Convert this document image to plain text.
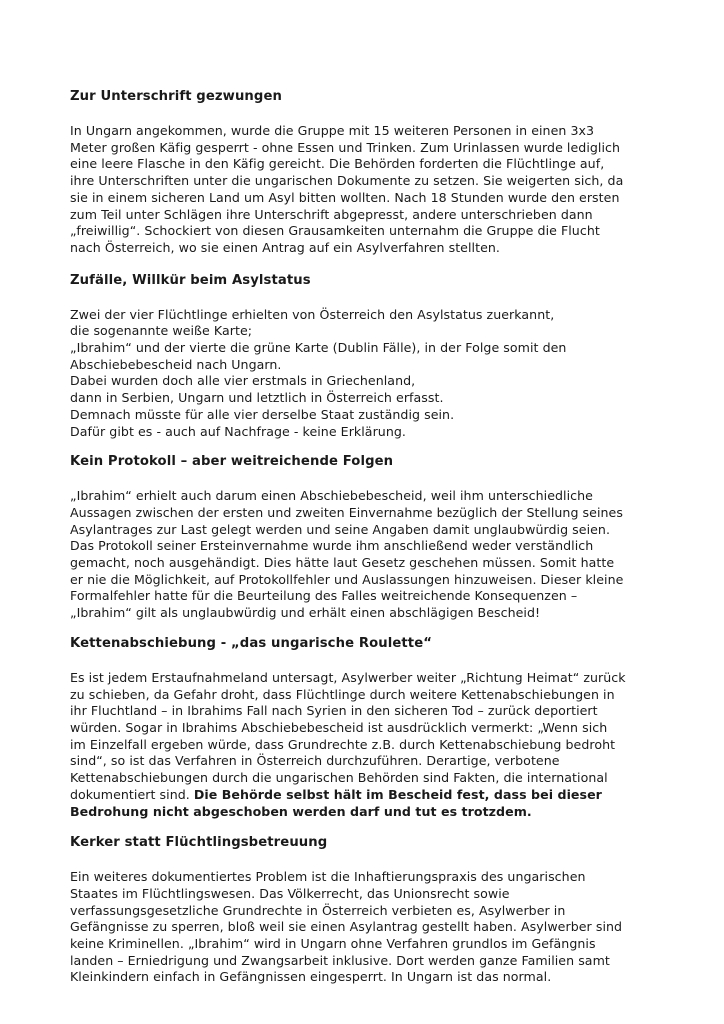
Zur Unterschrift gezwungen

In Ungarn angekommen, wurde die Gruppe mit 15 weiteren Personen in einen 3x3
Meter großen Käfig gesperrt - ohne Essen und Trinken. Zum Urinlassen wurde lediglich
eine leere Flasche in den Käfig gereicht. Die Behörden forderten die Flüchtlinge auf,
ihre Unterschriften unter die ungarischen Dokumente zu setzen. Sie weigerten sich, da
sie in einem sicheren Land um Asyl bitten wollten. Nach 18 Stunden wurde den ersten
zum Teil unter Schlägen ihre Unterschrift abgepresst, andere unterschrieben dann
„freiwillig“. Schockiert von diesen Grausamkeiten unternahm die Gruppe die Flucht
nach Österreich, wo sie einen Antrag auf ein Asylverfahren stellten.

Zufälle, Willkür beim Asylstatus

Zwei der vier Flüchtlinge erhielten von Österreich den Asylstatus zuerkannt,
die sogenannte weiße Karte;
„Ibrahim“ und der vierte die grüne Karte (Dublin Fälle), in der Folge somit den
Abschiebebescheid nach Ungarn.
Dabei wurden doch alle vier erstmals in Griechenland,
dann in Serbien, Ungarn und letztlich in Österreich erfasst.
Demnach müsste für alle vier derselbe Staat zuständig sein.
Dafür gibt es - auch auf Nachfrage - keine Erklärung.

Kein Protokoll – aber weitreichende Folgen

„Ibrahim“ erhielt auch darum einen Abschiebebescheid, weil ihm unterschiedliche
Aussagen zwischen der ersten und zweiten Einvernahme bezüglich der Stellung seines
Asylantrages zur Last gelegt werden und seine Angaben damit unglaubwürdig seien.
Das Protokoll seiner Ersteinvernahme wurde ihm anschließend weder verständlich
gemacht, noch ausgehändigt. Dies hätte laut Gesetz geschehen müssen. Somit hatte
er nie die Möglichkeit, auf Protokollfehler und Auslassungen hinzuweisen. Dieser kleine
Formalfehler hatte für die Beurteilung des Falles weitreichende Konsequenzen –
„Ibrahim“ gilt als unglaubwürdig und erhält einen abschlägigen Bescheid!

Kettenabschiebung - „das ungarische Roulette“

Es ist jedem Erstaufnahmeland untersagt, Asylwerber weiter „Richtung Heimat“ zurück
zu schieben, da Gefahr droht, dass Flüchtlinge durch weitere Kettenabschiebungen in
ihr Fluchtland – in Ibrahims Fall nach Syrien in den sicheren Tod – zurück deportiert
würden. Sogar in Ibrahims Abschiebebescheid ist ausdrücklich vermerkt: „Wenn sich
im Einzelfall ergeben würde, dass Grundrechte z.B. durch Kettenabschiebung bedroht
sind“, so ist das Verfahren in Österreich durchzuführen. Derartige, verbotene
Kettenabschiebungen durch die ungarischen Behörden sind Fakten, die international
dokumentiert sind. Die Behörde selbst hält im Bescheid fest, dass bei dieser
Bedrohung nicht abgeschoben werden darf und tut es trotzdem.

Kerker statt Flüchtlingsbetreuung

Ein weiteres dokumentiertes Problem ist die Inhaftierungspraxis des ungarischen
Staates im Flüchtlingswesen. Das Völkerrecht, das Unionsrecht sowie
verfassungsgesetzliche Grundrechte in Österreich verbieten es, Asylwerber in
Gefängnisse zu sperren, bloß weil sie einen Asylantrag gestellt haben. Asylwerber sind
keine Kriminellen. „Ibrahim“ wird in Ungarn ohne Verfahren grundlos im Gefängnis
landen – Erniedrigung und Zwangsarbeit inklusive. Dort werden ganze Familien samt
Kleinkindern einfach in Gefängnissen eingesperrt. In Ungarn ist das normal.
